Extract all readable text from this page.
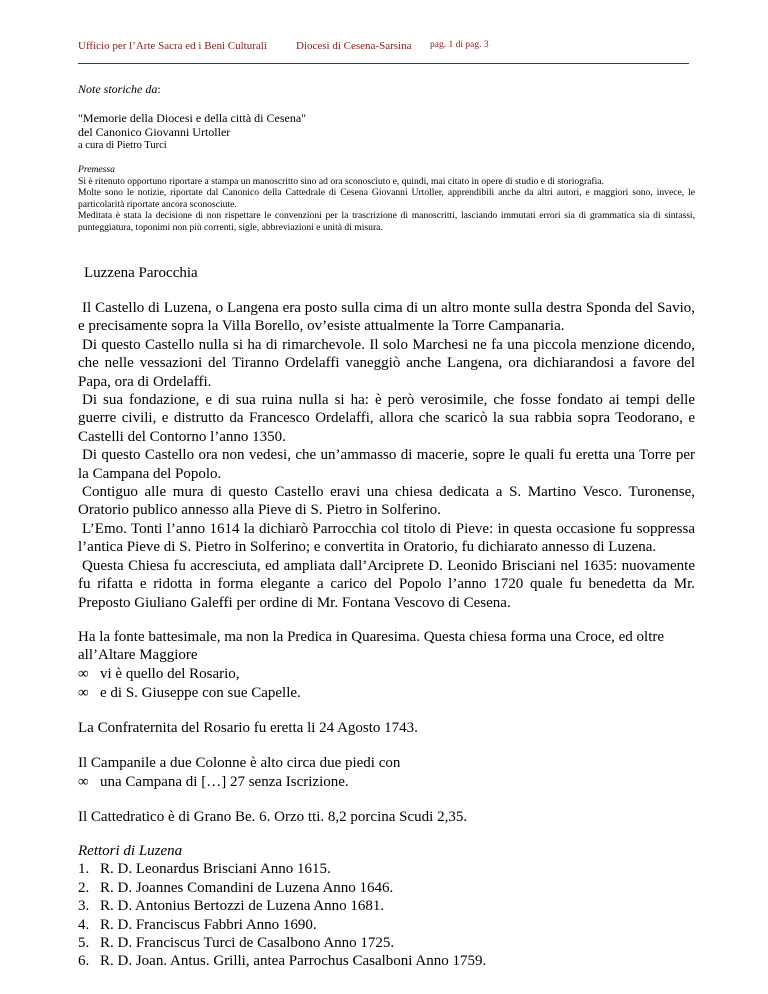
Ufficio per l’Arte Sacra ed i Beni Culturali	Diocesi di Cesena-Sarsina pag. 1 di pag. 3

Note storiche da:

"Memorie della Diocesi e della città di Cesena"

del Canonico Giovanni Urtoller

a cura di Pietro Turci

Premessa

Si è ritenuto opportuno riportare a stampa un manoscritto sino ad ora sconosciuto e, quindi, mai citato in opere di studio e di storiografia.

Molte sono le notizie, riportate dal Canonico della Cattedrale di Cesena Giovanni Urtoller, apprendibili anche da altri autori, e maggiori sono, invece, le particolarità riportate ancora sconosciute.

Meditata è stata la decisione di non rispettare le convenzioni per la trascrizione di manoscritti, lasciando immutati errori sia di grammatica sia di sintassi, punteggiatura, toponimi non più correnti, sigle, abbreviazioni e unità di misura.

Luzzena Parocchia

Il Castello di Luzena, o Langena era posto sulla cima di un altro monte sulla destra Sponda del Savio, e precisamente sopra la Villa Borello, ov’esiste attualmente la Torre Campanaria.

Di questo Castello nulla si ha di rimarchevole. Il solo Marchesi ne fa una piccola menzione dicendo, che nelle vessazioni del Tiranno Ordelaffi vaneggiò anche Langena, ora dichiarandosi a favore del Papa, ora di Ordelaffi.

Di sua fondazione, e di sua ruina nulla si ha: è però verosimile, che fosse fondato ai tempi delle guerre civili, e distrutto da Francesco Ordelaffi, allora che scaricò la sua rabbia sopra Teodorano, e Castelli del Contorno l’anno 1350.

Di questo Castello ora non vedesi, che un’ammasso di macerie, sopre le quali fu eretta una Torre per la Campana del Popolo.

Contiguo alle mura di questo Castello eravi una chiesa dedicata a S. Martino Vesco. Turonense, Oratorio publico annesso alla Pieve di S. Pietro in Solferino.

L’Emo. Tonti l’anno 1614 la dichiarò Parrocchia col titolo di Pieve: in questa occasione fu soppressa l’antica Pieve di S. Pietro in Solferino; e convertita in Oratorio, fu dichiarato annesso di Luzena.

Questa Chiesa fu accresciuta, ed ampliata dall’Arciprete D. Leonido Brisciani nel 1635: nuovamente fu rifatta e ridotta in forma elegante a carico del Popolo l’anno 1720 quale fu benedetta da Mr. Preposto Giuliano Galeffi per ordine di Mr. Fontana Vescovo di Cesena.

Ha la fonte battesimale, ma non la Predica in Quaresima. Questa chiesa forma una Croce, ed oltre all’Altare Maggiore

∞ vi è quello del Rosario,
∞ e di S. Giuseppe con sue Capelle.

La Confraternita del Rosario fu eretta li 24 Agosto 1743.

Il Campanile a due Colonne è alto circa due piedi con

∞ una Campana di […] 27 senza Iscrizione.

Il Cattedratico è di Grano Be. 6. Orzo tti. 8,2 porcina Scudi 2,35.

Rettori di Luzena

1. R. D. Leonardus Brisciani Anno 1615.
2. R. D. Joannes Comandini de Luzena Anno 1646.
3. R. D. Antonius Bertozzi de Luzena Anno 1681.
4. R. D. Franciscus Fabbri Anno 1690.
5. R. D. Franciscus Turci de Casalbono Anno 1725.
6. R. D. Joan. Antus. Grilli, antea Parrochus Casalboni Anno 1759.
